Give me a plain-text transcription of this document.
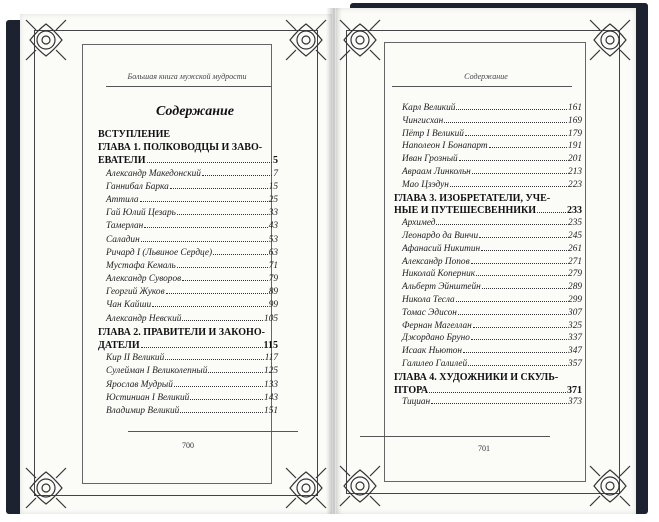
Большая книга мужской мудрости
Содержание
ВСТУПЛЕНИЕ
ГЛАВА 1. ПОЛКОВОДЦЫ И ЗАВО-
ЕВАТЕЛИ	5
Александр Македонский	7
Ганнибал Барка	15
Аттила	25
Гай Юлий Цезарь	33
Тамерлан	43
Саладин	53
Ричард I (Львиное Сердце)	63
Мустафа Кемаль	71
Александр Суворов	79
Георгий Жуков	89
Чан Кайши	99
Александр Невский	105
ГЛАВА 2. ПРАВИТЕЛИ И ЗАКОНО-
ДАТЕЛИ	115
Кир II Великий	117
Сулейман I Великолепный	125
Ярослав Мудрый	133
Юстиниан I Великий	143
Владимир Великий	151
700
Содержание
Карл Великий	161
Чингисхан	169
Пётр I Великий	179
Наполеон I Бонапарт	191
Иван Грозный	201
Авраам Линкольн	213
Мао Цзэдун	223
ГЛАВА 3. ИЗОБРЕТАТЕЛИ, УЧЕ-
НЫЕ И ПУТЕШЕСВЕННИКИ	233
Архимед	235
Леонардо да Винчи	245
Афанасий Никитин	261
Александр Попов	271
Николай Коперник	279
Альберт Эйнштейн	289
Никола Тесла	299
Томас Эдисон	307
Фернан Магеллан	325
Джордано Бруно	337
Исаак Ньютон	347
Галилео Галилей	357
ГЛАВА 4. ХУДОЖНИКИ И СКУЛЬ-
ПТОРА	371
Тициан	373
701
